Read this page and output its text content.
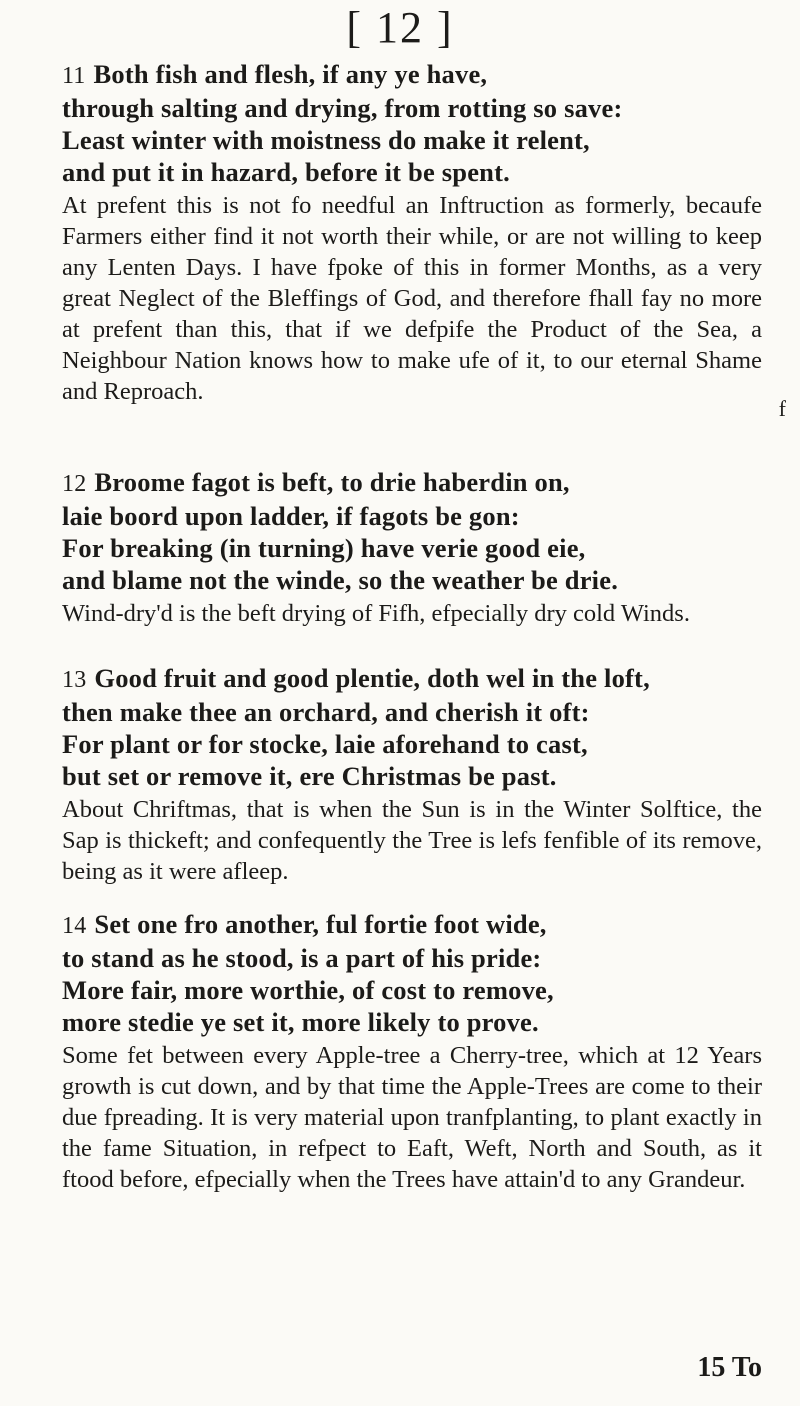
[ 12 ]

11 Both fish and flesh, if any ye have,
through salting and drying, from rotting so save:
Least winter with moistness do make it relent,
and put it in hazard, before it be spent.

At prefent this is not fo needful an Inftruction as formerly, becaufe Farmers either find it not worth their while, or are not willing to keep any Lenten Days. I have fpoke of this in former Months, as a very great Neglect of the Bleffings of God, and therefore fhall fay no more at prefent than this, that if we defpife the Product of the Sea, a Neighbour Nation knows how to make ufe of it, to our eternal Shame and Reproach.

12 Broome fagot is beft, to drie haberdin on,
laie boord upon ladder, if fagots be gon:
For breaking (in turning) have verie good eie,
and blame not the winde, so the weather be drie.

Wind-dry'd is the beft drying of Fifh, efpecially dry cold Winds.

13 Good fruit and good plentie, doth wel in the loft,
then make thee an orchard, and cherish it oft:
For plant or for stocke, laie aforehand to cast,
but set or remove it, ere Christmas be past.

About Chriftmas, that is when the Sun is in the Winter Solftice, the Sap is thickeft; and confequently the Tree is lefs fenfible of its remove, being as it were afleep.

14 Set one fro another, ful fortie foot wide,
to stand as he stood, is a part of his pride:
More fair, more worthie, of cost to remove,
more stedie ye set it, more likely to prove.

Some fet between every Apple-tree a Cherry-tree, which at 12 Years growth is cut down, and by that time the Apple-Trees are come to their due fpreading. It is very material upon tranfplanting, to plant exactly in the fame Situation, in refpect to Eaft, Weft, North and South, as it ftood before, efpecially when the Trees have attain'd to any Grandeur.

f
15 To
